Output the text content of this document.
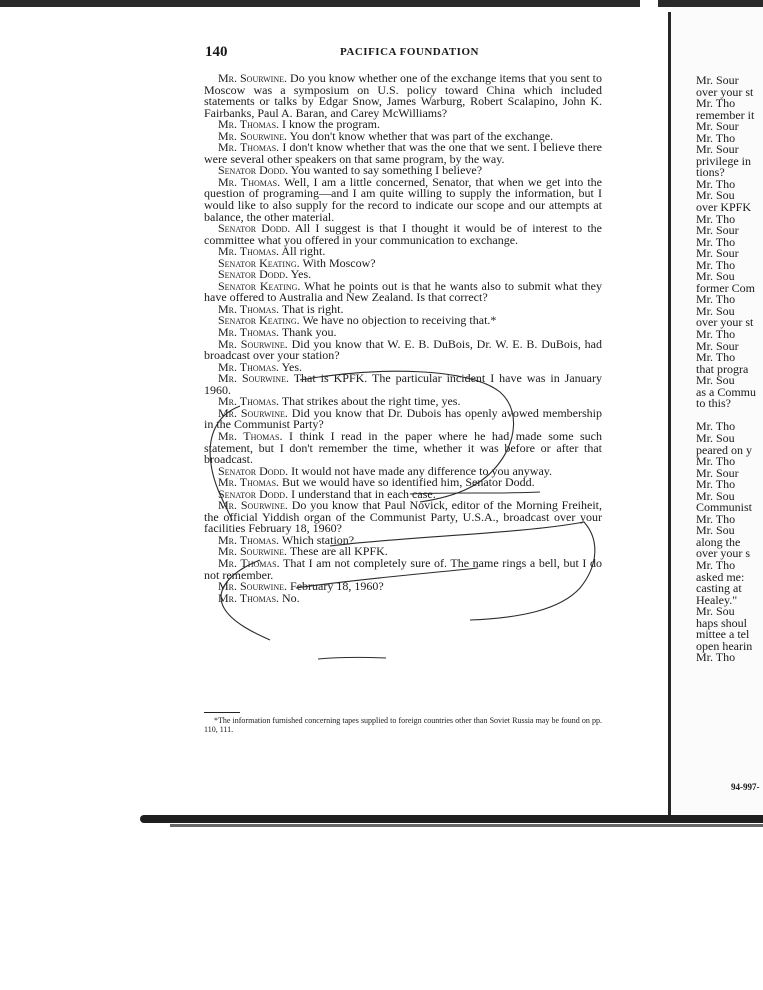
140	PACIFICA FOUNDATION

Mr. Sourwine. Do you know whether one of the exchange items that you sent to Moscow was a symposium on U.S. policy toward China which included statements or talks by Edgar Snow, James Warburg, Robert Scalapino, John K. Fairbanks, Paul A. Baran, and Carey McWilliams?

Mr. Thomas. I know the program.

Mr. Sourwine. You don't know whether that was part of the exchange.

Mr. Thomas. I don't know whether that was the one that we sent. I believe there were several other speakers on that same program, by the way.

Senator Dodd. You wanted to say something I believe?

Mr. Thomas. Well, I am a little concerned, Senator, that when we get into the question of programing—and I am quite willing to supply the information, but I would like to also supply for the record to indicate our scope and our attempts at balance, the other material.

Senator Dodd. All I suggest is that I thought it would be of interest to the committee what you offered in your communication to exchange.

Mr. Thomas. All right.

Senator Keating. With Moscow?

Senator Dodd. Yes.

Senator Keating. What he points out is that he wants also to submit what they have offered to Australia and New Zealand. Is that correct?

Mr. Thomas. That is right.

Senator Keating. We have no objection to receiving that.*

Mr. Thomas. Thank you.

Mr. Sourwine. Did you know that W. E. B. DuBois, Dr. W. E. B. DuBois, had broadcast over your station?

Mr. Thomas. Yes.

Mr. Sourwine. That is KPFK. The particular incident I have was in January 1960.

Mr. Thomas. That strikes about the right time, yes.

Mr. Sourwine. Did you know that Dr. Dubois has openly avowed membership in the Communist Party?

Mr. Thomas. I think I read in the paper where he had made some such statement, but I don't remember the time, whether it was before or after that broadcast.

Senator Dodd. It would not have made any difference to you anyway.

Mr. Thomas. But we would have so identified him, Senator Dodd.

Senator Dodd. I understand that in each case.

Mr. Sourwine. Do you know that Paul Novick, editor of the Morning Freiheit, the official Yiddish organ of the Communist Party, U.S.A., broadcast over your facilities February 18, 1960?

Mr. Thomas. Which station?

Mr. Sourwine. These are all KPFK.

Mr. Thomas. That I am not completely sure of. The name rings a bell, but I do not remember.

Mr. Sourwine. February 18, 1960?

Mr. Thomas. No.

*The information furnished concerning tapes supplied to foreign countries other than Soviet Russia may be found on pp. 110, 111.
Mr. Sour
over your st
Mr. Tho
remember it
Mr. Sour
Mr. Tho
Mr. Sour
privilege in
tions?
Mr. Tho
Mr. Sou
over KPFK
Mr. Tho
Mr. Sour
Mr. Tho
Mr. Sour
Mr. Tho
Mr. Sou
former Com
Mr. Tho
Mr. Sou
over your st
Mr. Tho
Mr. Sour
Mr. Tho
that progra
Mr. Sou
as a Commu
to this?
Mr. Tho
Mr. Sou
peared on y
Mr. Tho
Mr. Sour
Mr. Tho
Mr. Sou
Communist
Mr. Tho
Mr. Sou
along the
over your s
Mr. Tho
asked me:
casting at
Healey."
Mr. Sou
haps shoul
mittee a tel
open hearin
Mr. Tho
94-997-
